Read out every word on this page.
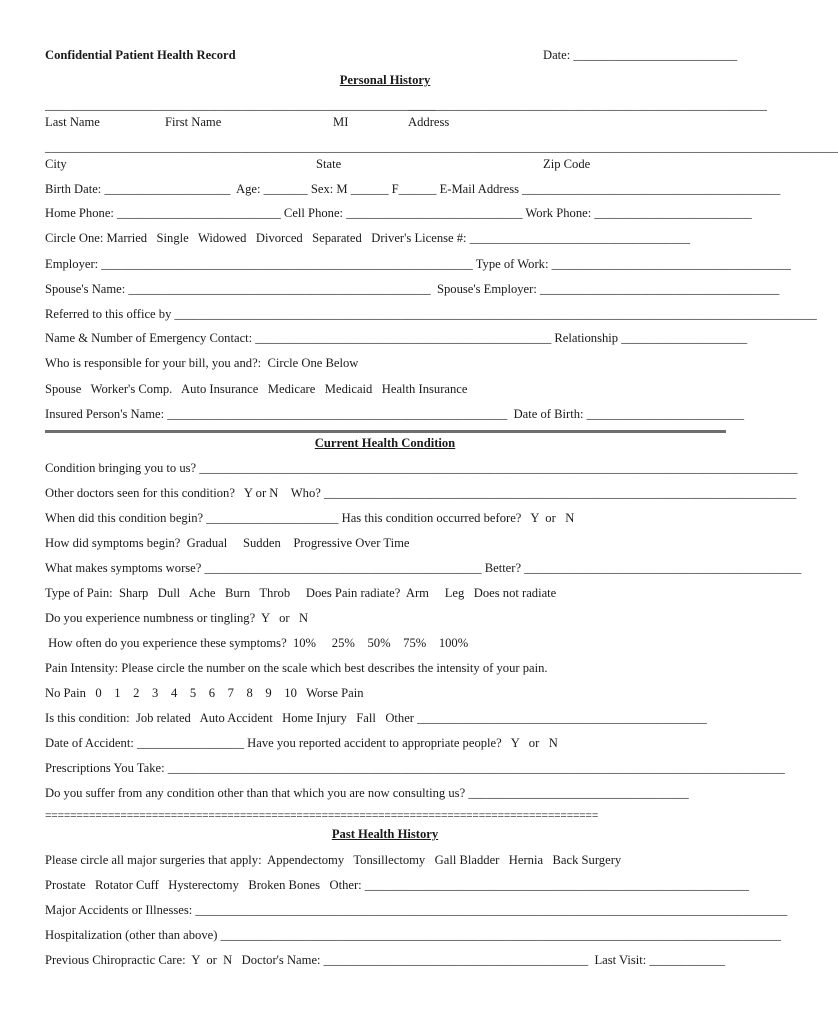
Confidential Patient Health Record	Date: __________________________
Personal History
______________________________________________________________
_________________________________________________________
Last Name	First Name	MI	Address
______________________________________________________________________________________________________________________________
City	State	Zip Code
Birth Date: ____________________  Age: _______ Sex: M ______ F______ E-Mail Address _________________________________________
Home Phone: __________________________ Cell Phone: ____________________________ Work Phone: _________________________
Circle One: Married   Single   Widowed   Divorced   Separated   Driver's License #: ___________________________________
Employer: ___________________________________________________________ Type of Work: ______________________________________
Spouse's Name: ________________________________________________  Spouse's Employer: ______________________________________
Referred to this office by ______________________________________________________________________________________________________
Name & Number of Emergency Contact: _______________________________________________ Relationship ____________________
Who is responsible for your bill, you and?:  Circle One Below
Spouse   Worker's Comp.   Auto Insurance   Medicare   Medicaid   Health Insurance
Insured Person's Name: ______________________________________________________  Date of Birth: _________________________
Current Health Condition
Condition bringing you to us? _______________________________________________________________________________________________
Other doctors seen for this condition?   Y or N    Who? ___________________________________________________________________________
When did this condition begin? _____________________ Has this condition occurred before?   Y  or   N
How did symptoms begin?  Gradual     Sudden    Progressive Over Time
What makes symptoms worse? ____________________________________________ Better? ____________________________________________
Type of Pain:  Sharp   Dull   Ache   Burn   Throb     Does Pain radiate?  Arm     Leg   Does not radiate
Do you experience numbness or tingling?  Y   or   N
How often do you experience these symptoms?  10%     25%    50%    75%    100%
Pain Intensity: Please circle the number on the scale which best describes the intensity of your pain.
No Pain   0    1    2    3    4    5    6    7    8    9    10   Worse Pain
Is this condition:  Job related   Auto Accident   Home Injury   Fall   Other ______________________________________________
Date of Accident: _________________ Have you reported accident to appropriate people?   Y   or   N
Prescriptions You Take: __________________________________________________________________________________________________
Do you suffer from any condition other than that which you are now consulting us? ___________________________________
========================================================================================
Past Health History
Please circle all major surgeries that apply:  Appendectomy   Tonsillectomy   Gall Bladder   Hernia   Back Surgery
Prostate   Rotator Cuff   Hysterectomy   Broken Bones   Other: _____________________________________________________________
Major Accidents or Illnesses: ______________________________________________________________________________________________
Hospitalization (other than above) _________________________________________________________________________________________
Previous Chiropractic Care:  Y  or  N   Doctor's Name: __________________________________________  Last Visit: ____________
